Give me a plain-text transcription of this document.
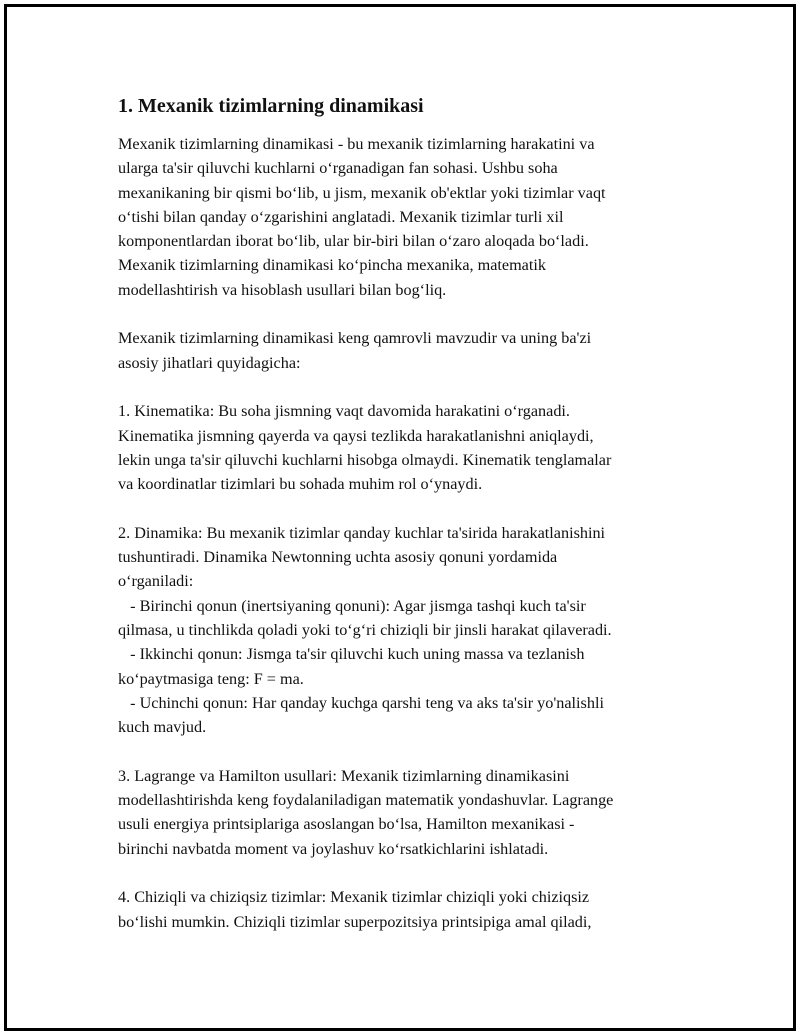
1. Mexanik tizimlarning dinamikasi
Mexanik tizimlarning dinamikasi - bu mexanik tizimlarning harakatini va
ularga ta'sir qiluvchi kuchlarni o‘rganadigan fan sohasi. Ushbu soha
mexanikaning bir qismi bo‘lib, u jism, mexanik ob'ektlar yoki tizimlar vaqt
o‘tishi bilan qanday o‘zgarishini anglatadi. Mexanik tizimlar turli xil
komponentlardan iborat bo‘lib, ular bir-biri bilan o‘zaro aloqada bo‘ladi.
Mexanik tizimlarning dinamikasi ko‘pincha mexanika, matematik
modellashtirish va hisoblash usullari bilan bog‘liq.
Mexanik tizimlarning dinamikasi keng qamrovli mavzudir va uning ba'zi
asosiy jihatlari quyidagicha:
1. Kinematika: Bu soha jismning vaqt davomida harakatini o‘rganadi.
Kinematika jismning qayerda va qaysi tezlikda harakatlanishni aniqlaydi,
lekin unga ta'sir qiluvchi kuchlarni hisobga olmaydi. Kinematik tenglamalar
va koordinatlar tizimlari bu sohada muhim rol o‘ynaydi.
2. Dinamika: Bu mexanik tizimlar qanday kuchlar ta'sirida harakatlanishini
tushuntiradi. Dinamika Newtonning uchta asosiy qonuni yordamida
o‘rganiladi:
- Birinchi qonun (inertsiyaning qonuni): Agar jismga tashqi kuch ta'sir
qilmasa, u tinchlikda qoladi yoki to‘g‘ri chiziqli bir jinsli harakat qilaveradi.
- Ikkinchi qonun: Jismga ta'sir qiluvchi kuch uning massa va tezlanish
ko‘paytmasiga teng: F = ma.
- Uchinchi qonun: Har qanday kuchga qarshi teng va aks ta'sir yo'nalishli
kuch mavjud.
3. Lagrange va Hamilton usullari: Mexanik tizimlarning dinamikasini
modellashtirishda keng foydalaniladigan matematik yondashuvlar. Lagrange
usuli energiya printsiplariga asoslangan bo‘lsa, Hamilton mexanikasi -
birinchi navbatda moment va joylashuv ko‘rsatkichlarini ishlatadi.
4. Chiziqli va chiziqsiz tizimlar: Mexanik tizimlar chiziqli yoki chiziqsiz
bo‘lishi mumkin. Chiziqli tizimlar superpozitsiya printsipiga amal qiladi,
